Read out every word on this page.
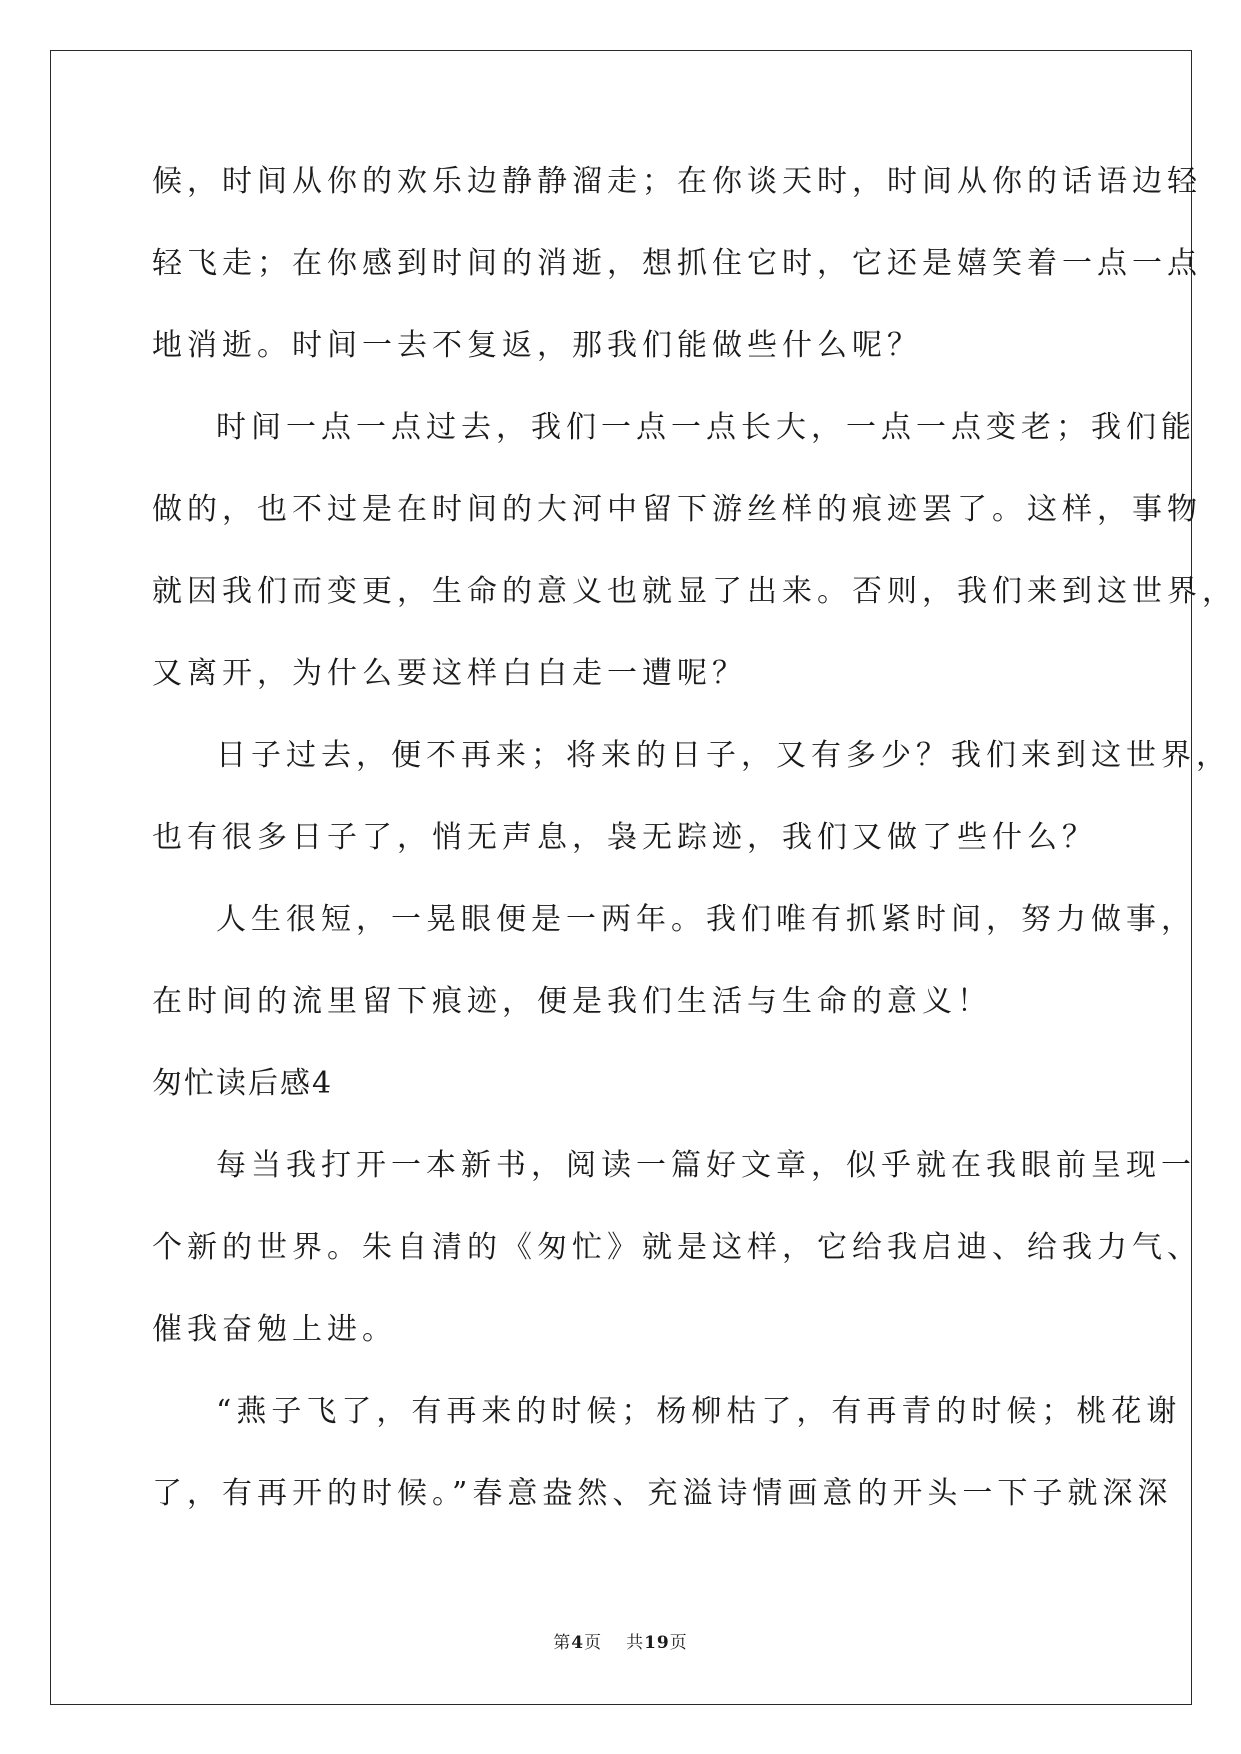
候，时间从你的欢乐边静静溜走；在你谈天时，时间从你的话语边轻
轻飞走；在你感到时间的消逝，想抓住它时，它还是嬉笑着一点一点
地消逝。时间一去不复返，那我们能做些什么呢？
时间一点一点过去，我们一点一点长大，一点一点变老；我们能
做的，也不过是在时间的大河中留下游丝样的痕迹罢了。这样，事物
就因我们而变更，生命的意义也就显了出来。否则，我们来到这世界，
又离开，为什么要这样白白走一遭呢？
日子过去，便不再来；将来的日子，又有多少？我们来到这世界，
也有很多日子了，悄无声息，袅无踪迹，我们又做了些什么？
人生很短，一晃眼便是一两年。我们唯有抓紧时间，努力做事，
在时间的流里留下痕迹，便是我们生活与生命的意义！
匆忙读后感4
每当我打开一本新书，阅读一篇好文章，似乎就在我眼前呈现一
个新的世界。朱自清的《匆忙》就是这样，它给我启迪、给我力气、
催我奋勉上进。
“燕子飞了，有再来的时候；杨柳枯了，有再青的时候；桃花谢
了，有再开的时候。”春意盎然、充溢诗情画意的开头一下子就深深
第4页 共19页
